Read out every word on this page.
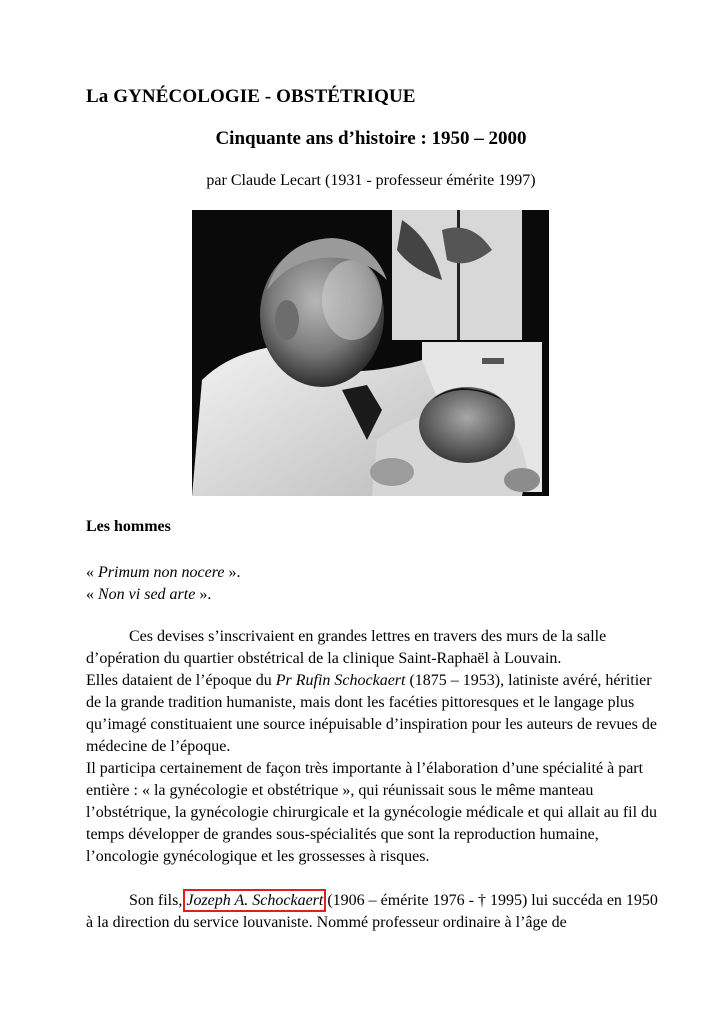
La GYNÉCOLOGIE - OBSTÉTRIQUE
Cinquante ans d’histoire : 1950 – 2000
par Claude Lecart (1931 - professeur émérite 1997)
Les hommes
« Primum non nocere ».
« Non vi sed arte ».

Ces devises s’inscrivaient en grandes lettres en travers des murs de la salle d’opération du quartier obstétrical de la clinique Saint-Raphaël à Louvain.

Elles dataient de l’époque du Pr Rufin Schockaert (1875 – 1953), latiniste avéré, héritier de la grande tradition humaniste, mais dont les facéties pittoresques et le langage plus qu’imagé constituaient une source inépuisable d’inspiration pour les auteurs de revues de médecine de l’époque.

Il participa certainement de façon très importante à l’élaboration d’une spécialité à part entière : « la gynécologie et obstétrique », qui réunissait sous le même manteau l’obstétrique, la gynécologie chirurgicale et la gynécologie médicale et qui allait au fil du temps développer de grandes sous-spécialités que sont la reproduction humaine, l’oncologie gynécologique et les grossesses à risques.

Son fils, Jozeph A. Schockaert (1906 – émérite 1976 - † 1995) lui succéda en 1950 à la direction du service louvaniste. Nommé professeur ordinaire à l’âge de
